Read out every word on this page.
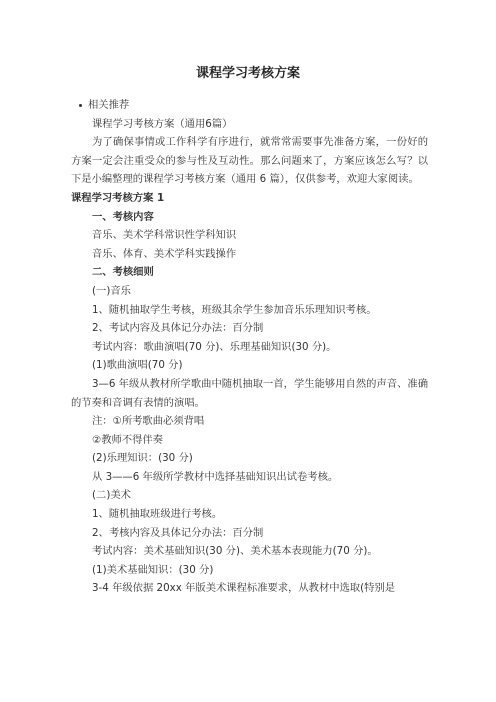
课程学习考核方案
相关推荐

课程学习考核方案（通用6篇）

为了确保事情或工作科学有序进行，就常常需要事先准备方案，一份好的方案一定会注重受众的参与性及互动性。那么问题来了，方案应该怎么写？以下是小编整理的课程学习考核方案（通用 6 篇），仅供参考，欢迎大家阅读。

课程学习考核方案 1

一、考核内容

音乐、美术学科常识性学科知识

音乐、体育、美术学科实践操作

二、考核细则

(一)音乐

1、随机抽取学生考核，班级其余学生参加音乐乐理知识考核。

2、考试内容及具体记分办法：百分制

考试内容：歌曲演唱(70 分)、乐理基础知识(30 分)。

(1)歌曲演唱(70 分)

3—6 年级从教材所学歌曲中随机抽取一首，学生能够用自然的声音、准确的节奏和音调有表情的演唱。

注：①所考歌曲必须背唱

②教师不得伴奏

(2)乐理知识：(30 分)

从 3——6 年级所学教材中选择基础知识出试卷考核。

(二)美术

1、随机抽取班级进行考核。

2、考核内容及具体记分办法：百分制

考试内容：美术基础知识(30 分)、美术基本表现能力(70 分)。

(1)美术基础知识：(30 分)

3-4 年级依据 20xx 年版美术课程标准要求，从教材中选取(特别是
